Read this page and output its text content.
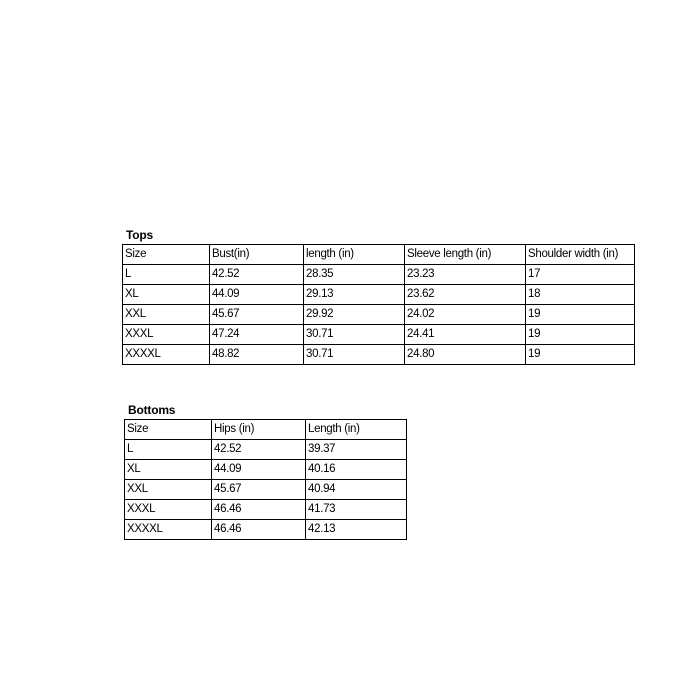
Tops
Size	Bust(in)	length (in)	Sleeve length (in)	Shoulder width (in)
L	42.52	28.35	23.23	17
XL	44.09	29.13	23.62	18
XXL	45.67	29.92	24.02	19
XXXL	47.24	30.71	24.41	19
XXXXL	48.82	30.71	24.80	19
Bottoms
Size	Hips (in)	Length (in)
L	42.52	39.37
XL	44.09	40.16
XXL	45.67	40.94
XXXL	46.46	41.73
XXXXL	46.46	42.13
